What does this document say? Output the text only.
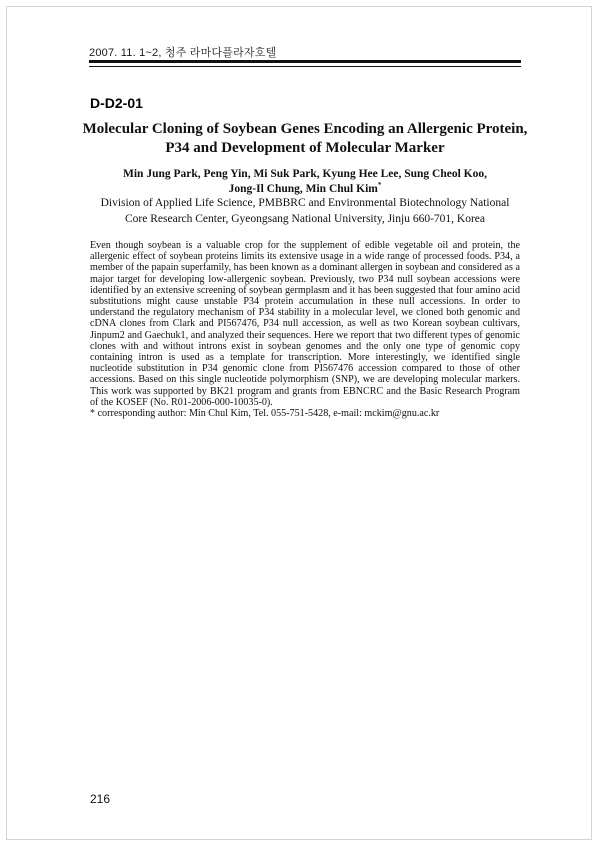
2007. 11. 1~2, 청주 라마다플라자호텔
D-D2-01
Molecular Cloning of Soybean Genes Encoding an Allergenic Protein,
P34 and Development of Molecular Marker
Min Jung Park, Peng Yin, Mi Suk Park, Kyung Hee Lee, Sung Cheol Koo,
Jong-Il Chung, Min Chul Kim*
Division of Applied Life Science, PMBBRC and Environmental Biotechnology National
Core Research Center, Gyeongsang National University, Jinju 660-701, Korea

Even though soybean is a valuable crop for the supplement of edible vegetable oil and protein, the allergenic effect of soybean proteins limits its extensive usage in a wide range of processed foods. P34, a member of the papain superfamily, has been known as a dominant allergen in soybean and considered as a major target for developing low-allergenic soybean. Previously, two P34 null soybean accessions were identified by an extensive screening of soybean germplasm and it has been suggested that four amino acid substitutions might cause unstable P34 protein accumulation in these null accessions. In order to understand the regulatory mechanism of P34 stability in a molecular level, we cloned both genomic and cDNA clones from Clark and PI567476, P34 null accession, as well as two Korean soybean cultivars, Jinpum2 and Gaechuk1, and analyzed their sequences. Here we report that two different types of genomic clones with and without introns exist in soybean genomes and the only one type of genomic copy containing intron is used as a template for transcription. More interestingly, we identified single nucleotide substitution in P34 genomic clone from PI567476 accession compared to those of other accessions. Based on this single nucleotide polymorphism (SNP), we are developing molecular markers. This work was supported by BK21 program and grants from EBNCRC and the Basic Research Program of the KOSEF (No. R01-2006-000-10035-0).

* corresponding author: Min Chul Kim, Tel. 055-751-5428, e-mail: mckim@gnu.ac.kr

216
